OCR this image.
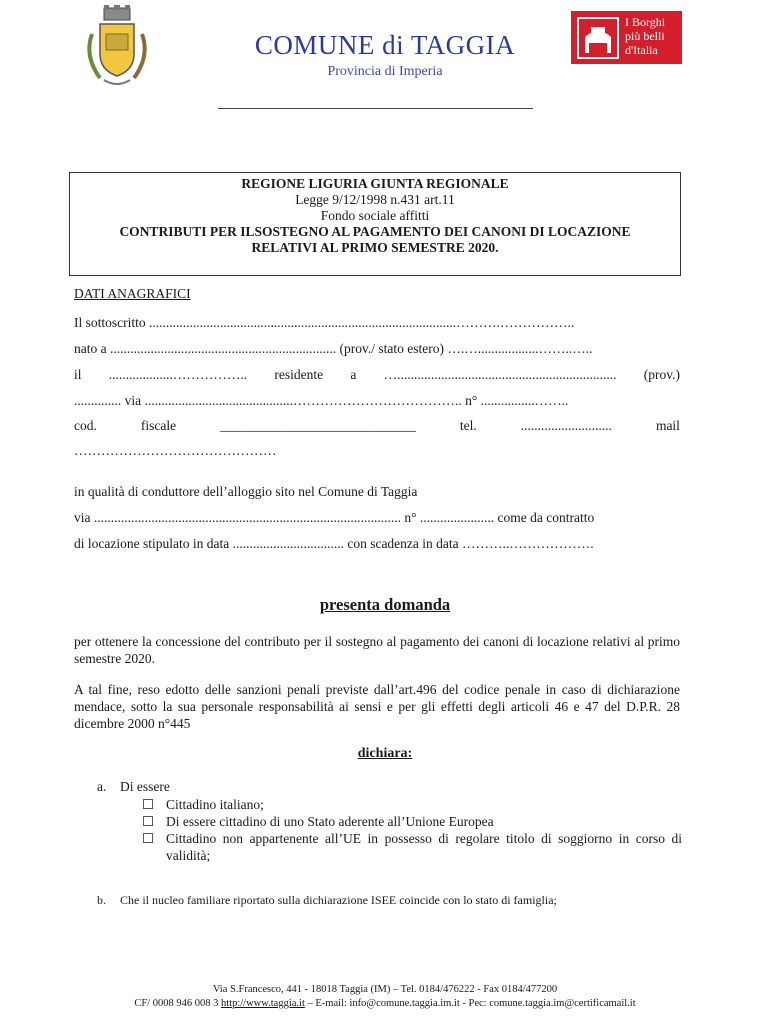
I Borghi
più belli
d'Italia
COMUNE di TAGGIA
Provincia di Imperia
REGIONE LIGURIA GIUNTA REGIONALE
Legge 9/12/1998 n.431 art.11
Fondo sociale affitti
CONTRIBUTI PER ILSOSTEGNO AL PAGAMENTO DEI CANONI DI LOCAZIONE
RELATIVI AL PRIMO SEMESTRE 2020.
DATI ANAGRAFICI
Il sottoscritto ...........................................................................................……….……………..
nato a ................................................................... (prov./ stato estero) ….…..................……..…..
il ...................…………….. residente a …................................................................. (prov.)
.............. via ............................................……………………………….. n° ................……..
cod.	fiscale	_____________________________	tel.	...........................	mail
………………………………………
in qualità di conduttore dell’alloggio sito nel Comune di Taggia
via ........................................................................................... n° ...................... come da contratto
di locazione stipulato in data ................................. con scadenza in data ………..……………….
presenta domanda
per ottenere la concessione del contributo per il sostegno al pagamento dei canoni di locazione relativi al primo semestre 2020.
A tal fine, reso edotto delle sanzioni penali previste dall’art.496 del codice penale in caso di dichiarazione mendace, sotto la sua personale responsabilità ai sensi e per gli effetti degli articoli 46 e 47 del D.P.R. 28 dicembre 2000 n°445
dichiara:
a. Di essere
☐ Cittadino italiano;
☐ Di essere cittadino di uno Stato aderente all’Unione Europea
☐ Cittadino non appartenente all’UE in possesso di regolare titolo di soggiorno in corso di validità;
b. Che il nucleo familiare riportato sulla dichiarazione ISEE coincide con lo stato di famiglia;
Via S.Francesco, 441 - 18018 Taggia (IM) – Tel. 0184/476222 - Fax 0184/477200
CF/ 0008 946 008 3 http://www.taggia.it – E-mail: info@comune.taggia.im.it - Pec: comune.taggia.im@certificamail.it
